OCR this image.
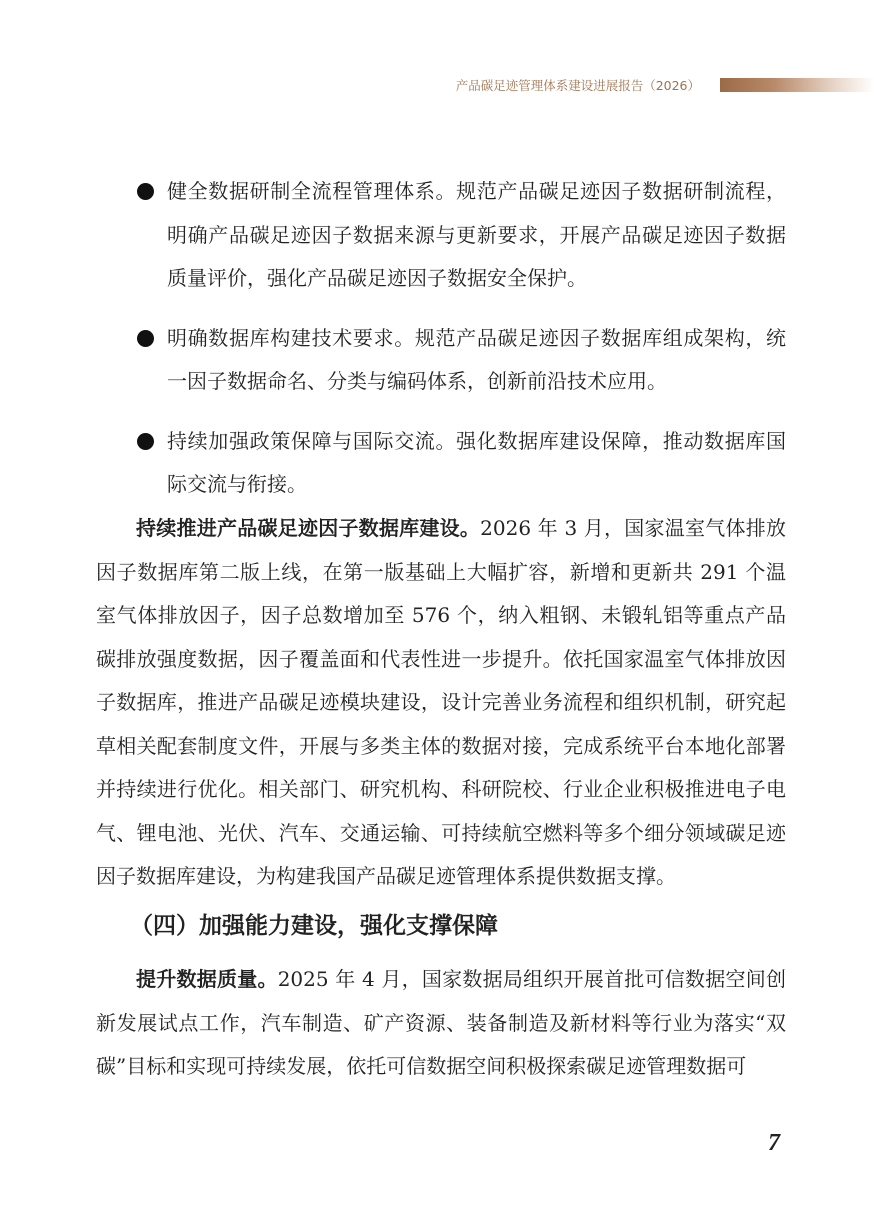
产品碳足迹管理体系建设进展报告（2026）
健全数据研制全流程管理体系。规范产品碳足迹因子数据研制流程，明确产品碳足迹因子数据来源与更新要求，开展产品碳足迹因子数据质量评价，强化产品碳足迹因子数据安全保护。
明确数据库构建技术要求。规范产品碳足迹因子数据库组成架构，统一因子数据命名、分类与编码体系，创新前沿技术应用。
持续加强政策保障与国际交流。强化数据库建设保障，推动数据库国际交流与衔接。

持续推进产品碳足迹因子数据库建设。2026 年 3 月，国家温室气体排放因子数据库第二版上线，在第一版基础上大幅扩容，新增和更新共 291 个温室气体排放因子，因子总数增加至 576 个，纳入粗钢、未锻轧铝等重点产品碳排放强度数据，因子覆盖面和代表性进一步提升。依托国家温室气体排放因子数据库，推进产品碳足迹模块建设，设计完善业务流程和组织机制，研究起草相关配套制度文件，开展与多类主体的数据对接，完成系统平台本地化部署并持续进行优化。相关部门、研究机构、科研院校、行业企业积极推进电子电气、锂电池、光伏、汽车、交通运输、可持续航空燃料等多个细分领域碳足迹因子数据库建设，为构建我国产品碳足迹管理体系提供数据支撑。

（四）加强能力建设，强化支撑保障

提升数据质量。2025 年 4 月，国家数据局组织开展首批可信数据空间创新发展试点工作，汽车制造、矿产资源、装备制造及新材料等行业为落实“双碳”目标和实现可持续发展，依托可信数据空间积极探索碳足迹管理数据可

7
